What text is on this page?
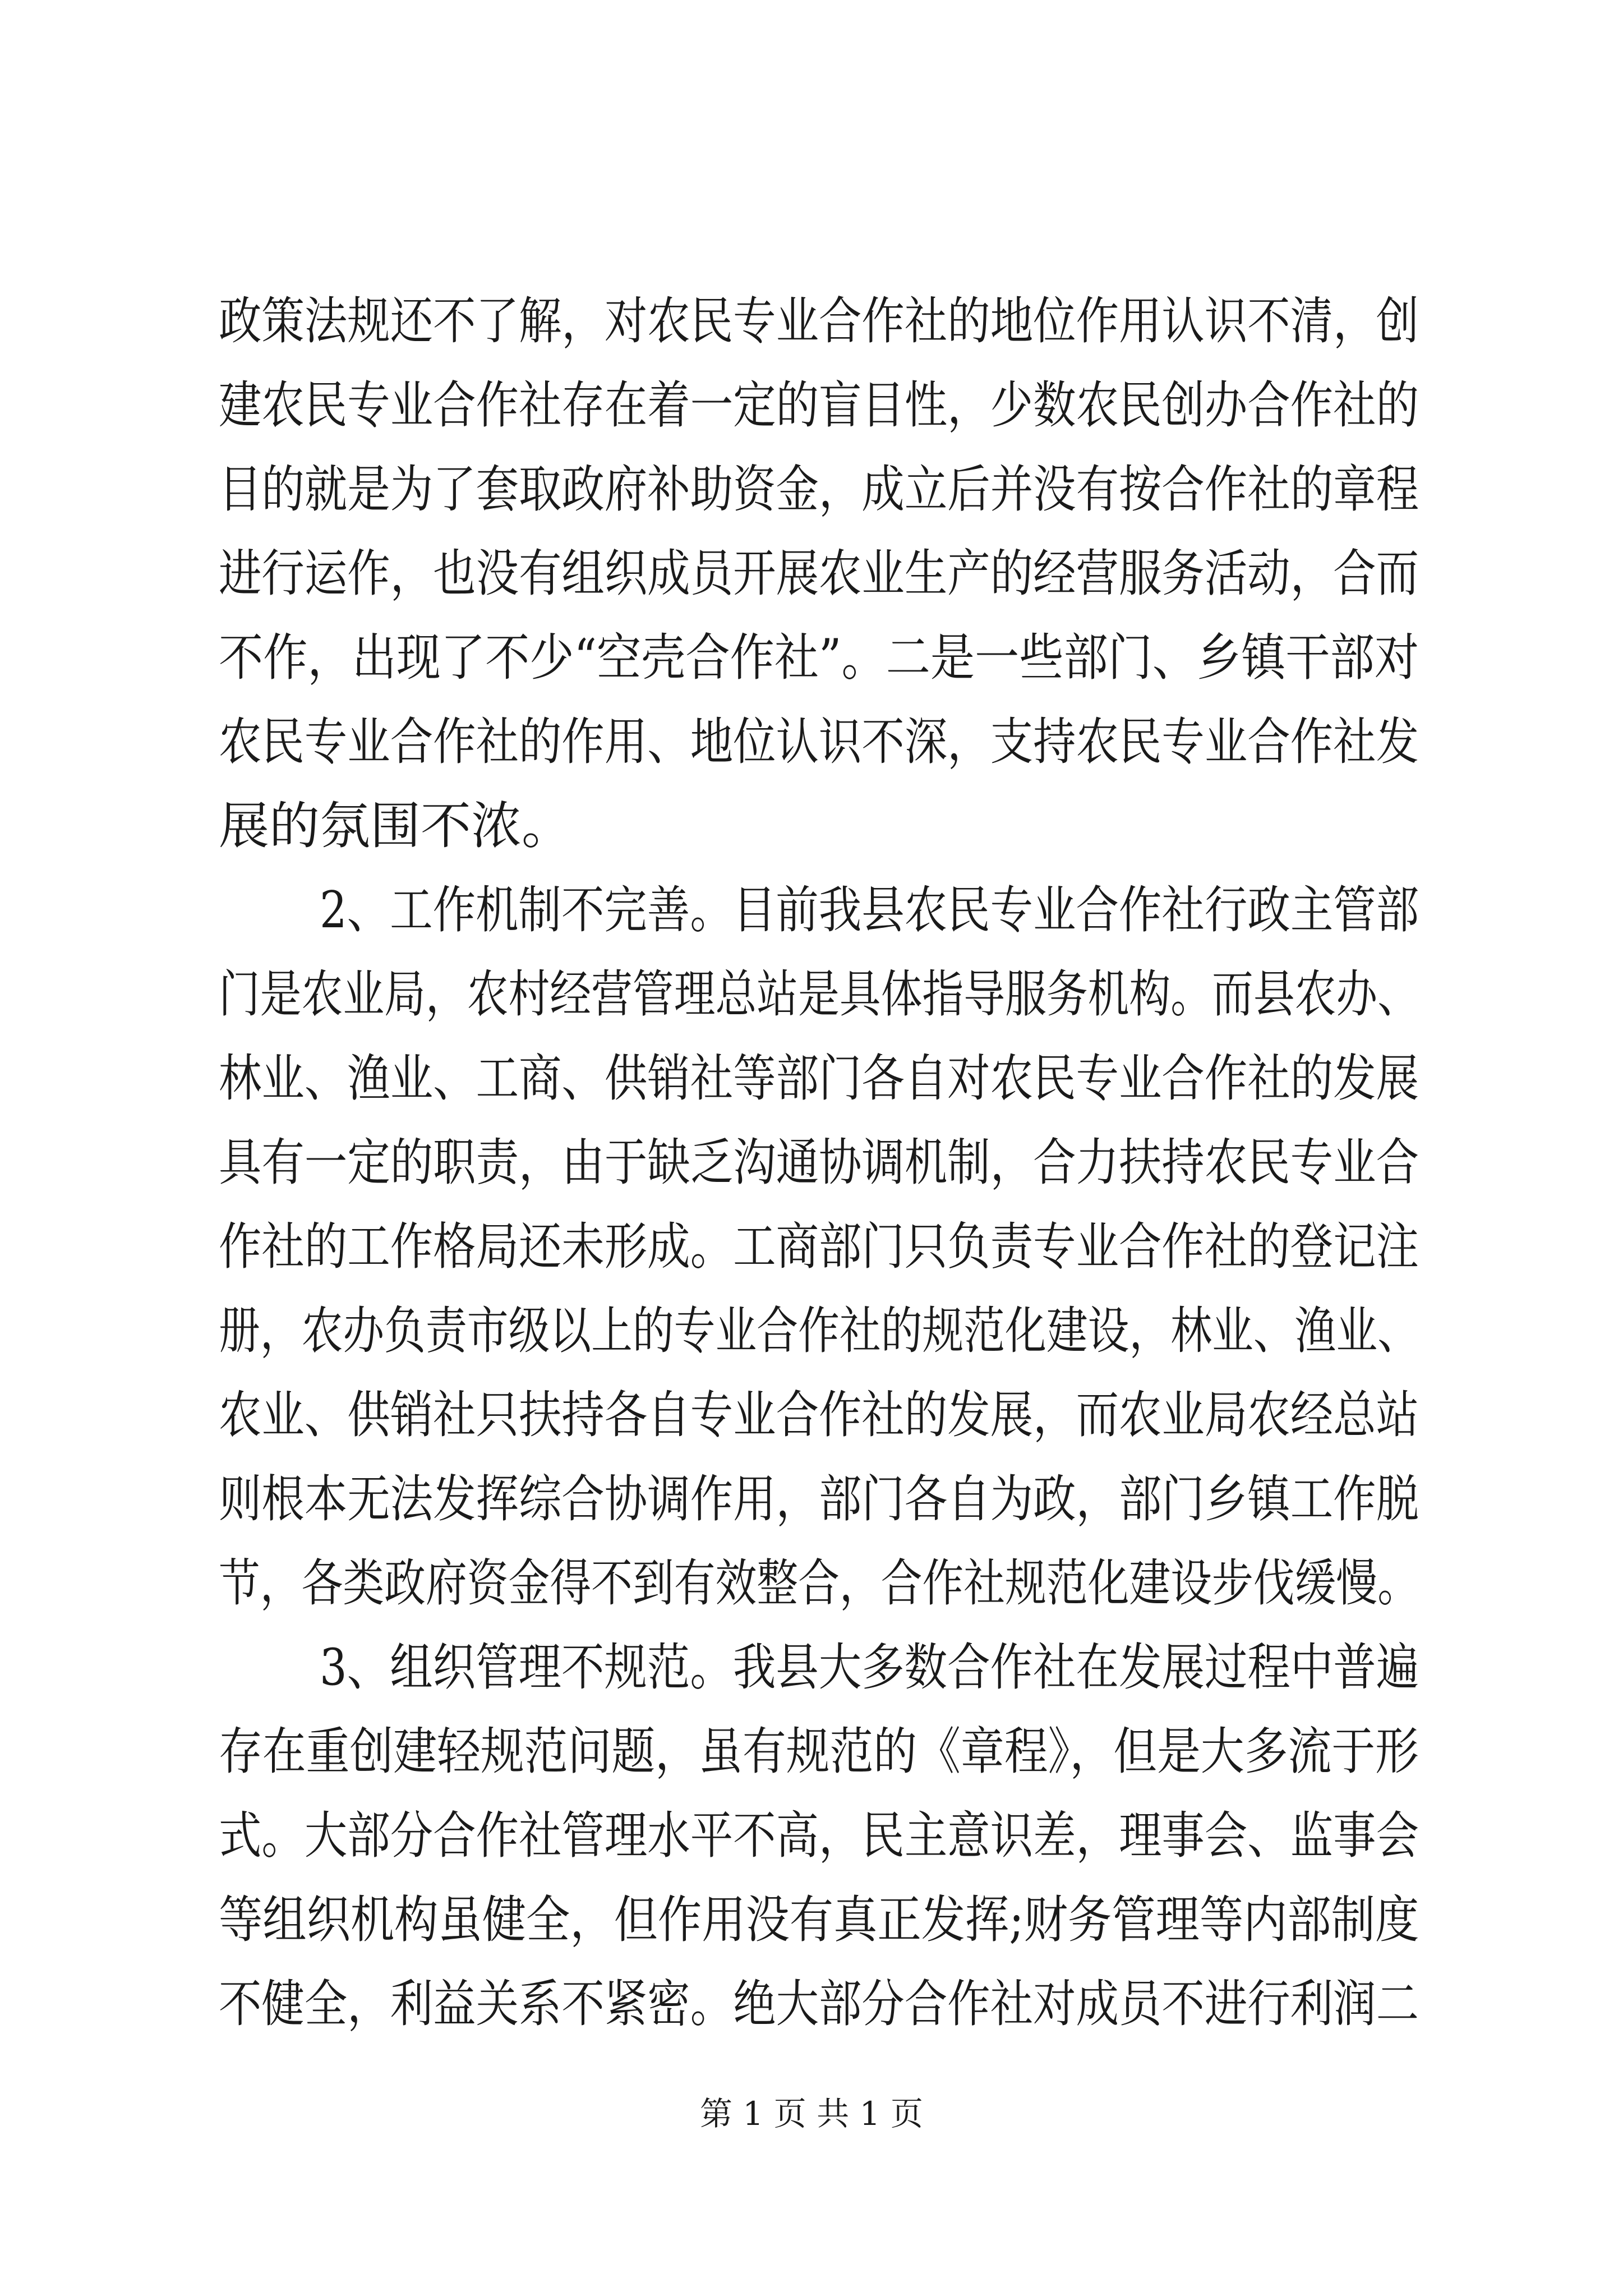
政策法规还不了解，对农民专业合作社的地位作用认识不清，创
建农民专业合作社存在着一定的盲目性，少数农民创办合作社的
目的就是为了套取政府补助资金，成立后并没有按合作社的章程
进行运作，也没有组织成员开展农业生产的经营服务活动，合而
不作，出现了不少“空壳合作社”。二是一些部门、乡镇干部对
农民专业合作社的作用、地位认识不深，支持农民专业合作社发
展的氛围不浓。
2、工作机制不完善。目前我县农民专业合作社行政主管部
门是农业局，农村经营管理总站是具体指导服务机构。而县农办、
林业、渔业、工商、供销社等部门各自对农民专业合作社的发展
具有一定的职责，由于缺乏沟通协调机制，合力扶持农民专业合
作社的工作格局还未形成。工商部门只负责专业合作社的登记注
册，农办负责市级以上的专业合作社的规范化建设，林业、渔业、
农业、供销社只扶持各自专业合作社的发展，而农业局农经总站
则根本无法发挥综合协调作用，部门各自为政，部门乡镇工作脱
节，各类政府资金得不到有效整合，合作社规范化建设步伐缓慢。
3、组织管理不规范。我县大多数合作社在发展过程中普遍
存在重创建轻规范问题，虽有规范的《章程》，但是大多流于形
式。大部分合作社管理水平不高，民主意识差，理事会、监事会
等组织机构虽健全，但作用没有真正发挥;财务管理等内部制度
不健全，利益关系不紧密。绝大部分合作社对成员不进行利润二
第 1 页 共 1 页
